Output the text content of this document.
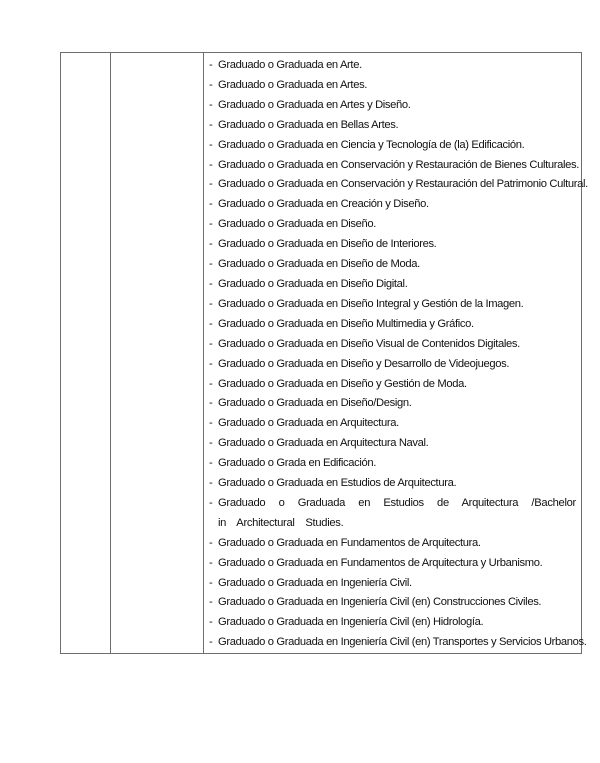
- Graduado o Graduada en Arte.
- Graduado o Graduada en Artes.
- Graduado o Graduada en Artes y Diseño.
- Graduado o Graduada en Bellas Artes.
- Graduado o Graduada en Ciencia y Tecnología de (la) Edificación.
- Graduado o Graduada en Conservación y Restauración de Bienes Culturales.
- Graduado o Graduada en Conservación y Restauración del Patrimonio Cultural.
- Graduado o Graduada en Creación y Diseño.
- Graduado o Graduada en Diseño.
- Graduado o Graduada en Diseño de Interiores.
- Graduado o Graduada en Diseño de Moda.
- Graduado o Graduada en Diseño Digital.
- Graduado o Graduada en Diseño Integral y Gestión de la Imagen.
- Graduado o Graduada en Diseño Multimedia y Gráfico.
- Graduado o Graduada en Diseño Visual de Contenidos Digitales.
- Graduado o Graduada en Diseño y Desarrollo de Videojuegos.
- Graduado o Graduada en Diseño y Gestión de Moda.
- Graduado o Graduada en Diseño/Design.
- Graduado o Graduada en Arquitectura.
- Graduado o Graduada en Arquitectura Naval.
- Graduado o Grada en Edificación.
- Graduado o Graduada en Estudios de Arquitectura.
- Graduado o Graduada en Estudios de Arquitectura /Bachelor in Architectural Studies.
- Graduado o Graduada en Fundamentos de Arquitectura.
- Graduado o Graduada en Fundamentos de Arquitectura y Urbanismo.
- Graduado o Graduada en Ingeniería Civil.
- Graduado o Graduada en Ingeniería Civil (en) Construcciones Civiles.
- Graduado o Graduada en Ingeniería Civil (en) Hidrología.
- Graduado o Graduada en Ingeniería Civil (en) Transportes y Servicios Urbanos.
